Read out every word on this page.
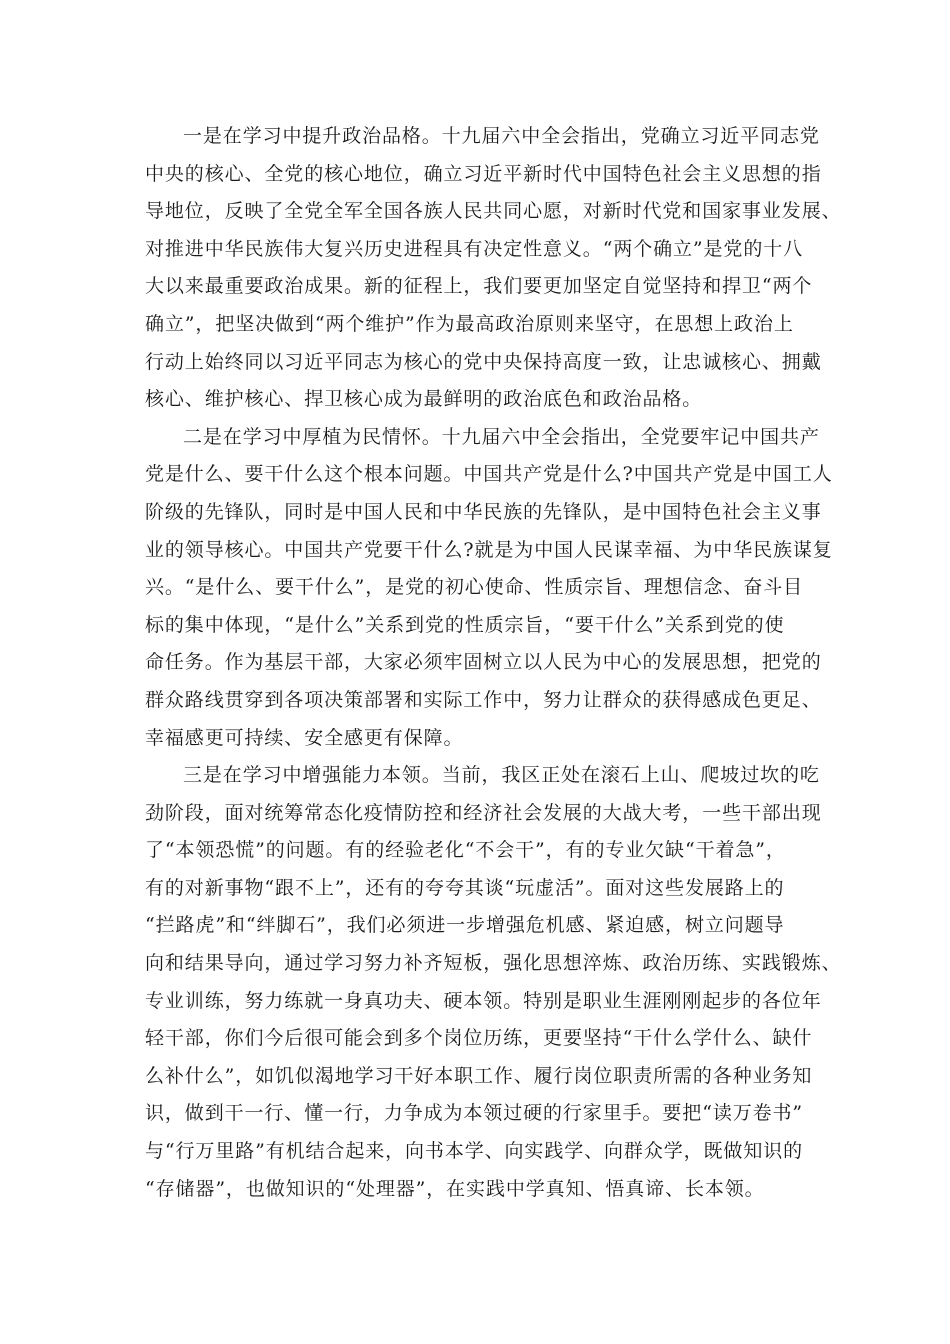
一是在学习中提升政治品格。十九届六中全会指出，党确立习近平同志党
中央的核心、全党的核心地位，确立习近平新时代中国特色社会主义思想的指
导地位，反映了全党全军全国各族人民共同心愿，对新时代党和国家事业发展、
对推进中华民族伟大复兴历史进程具有决定性意义。“两个确立”是党的十八
大以来最重要政治成果。新的征程上，我们要更加坚定自觉坚持和捍卫“两个
确立”，把坚决做到“两个维护”作为最高政治原则来坚守，在思想上政治上
行动上始终同以习近平同志为核心的党中央保持高度一致，让忠诚核心、拥戴
核心、维护核心、捍卫核心成为最鲜明的政治底色和政治品格。
二是在学习中厚植为民情怀。十九届六中全会指出，全党要牢记中国共产
党是什么、要干什么这个根本问题。中国共产党是什么?中国共产党是中国工人
阶级的先锋队，同时是中国人民和中华民族的先锋队，是中国特色社会主义事
业的领导核心。中国共产党要干什么?就是为中国人民谋幸福、为中华民族谋复
兴。“是什么、要干什么”，是党的初心使命、性质宗旨、理想信念、奋斗目
标的集中体现，“是什么”关系到党的性质宗旨，“要干什么”关系到党的使
命任务。作为基层干部，大家必须牢固树立以人民为中心的发展思想，把党的
群众路线贯穿到各项决策部署和实际工作中，努力让群众的获得感成色更足、
幸福感更可持续、安全感更有保障。
三是在学习中增强能力本领。当前，我区正处在滚石上山、爬坡过坎的吃
劲阶段，面对统筹常态化疫情防控和经济社会发展的大战大考，一些干部出现
了“本领恐慌”的问题。有的经验老化“不会干”，有的专业欠缺“干着急”，
有的对新事物“跟不上”，还有的夸夸其谈“玩虚活”。面对这些发展路上的
“拦路虎”和“绊脚石”，我们必须进一步增强危机感、紧迫感，树立问题导
向和结果导向，通过学习努力补齐短板，强化思想淬炼、政治历练、实践锻炼、
专业训练，努力练就一身真功夫、硬本领。特别是职业生涯刚刚起步的各位年
轻干部，你们今后很可能会到多个岗位历练，更要坚持“干什么学什么、缺什
么补什么”，如饥似渴地学习干好本职工作、履行岗位职责所需的各种业务知
识，做到干一行、懂一行，力争成为本领过硬的行家里手。要把“读万卷书”
与“行万里路”有机结合起来，向书本学、向实践学、向群众学，既做知识的
“存储器”，也做知识的“处理器”，在实践中学真知、悟真谛、长本领。
